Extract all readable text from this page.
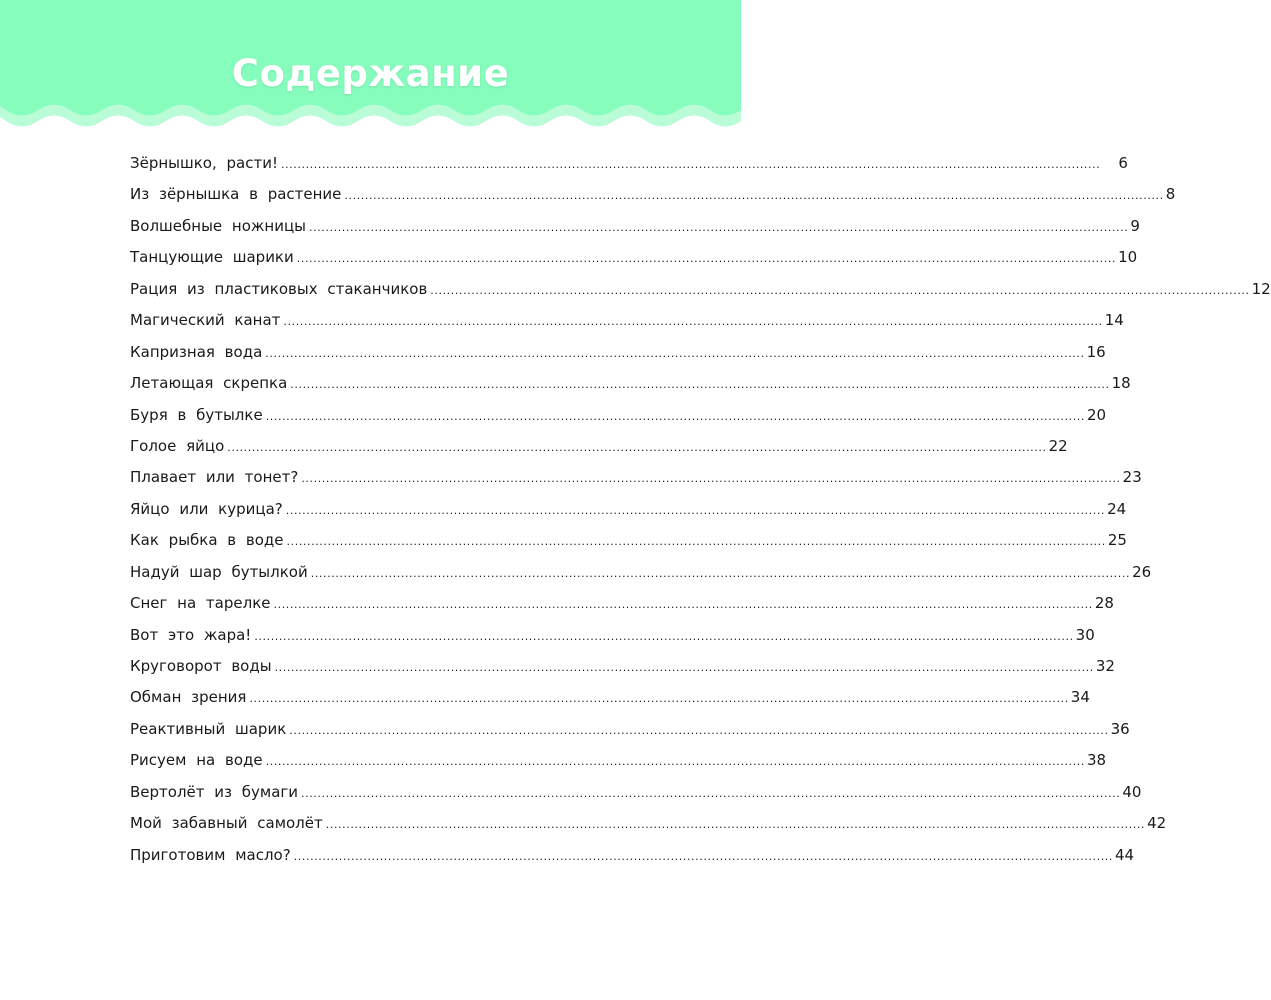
Содержание
Зёрнышко, расти! ........................................................................................................................................................................................................	6
Из зёрнышка в растение ........................................................................................................................................................................................................ 8
Волшебные ножницы ........................................................................................................................................................................................................ 9
Танцующие шарики ........................................................................................................................................................................................................ 10
Рация из пластиковых стаканчиков ........................................................................................................................................................................................................ 12
Магический канат ........................................................................................................................................................................................................ 14
Капризная вода ........................................................................................................................................................................................................ 16
Летающая скрепка ........................................................................................................................................................................................................ 18
Буря в бутылке ........................................................................................................................................................................................................ 20
Голое яйцо ........................................................................................................................................................................................................ 22
Плавает или тонет? ........................................................................................................................................................................................................ 23
Яйцо или курица? ........................................................................................................................................................................................................ 24
Как рыбка в воде ........................................................................................................................................................................................................ 25
Надуй шар бутылкой ........................................................................................................................................................................................................ 26
Снег на тарелке ........................................................................................................................................................................................................ 28
Вот это жара! ........................................................................................................................................................................................................ 30
Круговорот воды ........................................................................................................................................................................................................ 32
Обман зрения ........................................................................................................................................................................................................ 34
Реактивный шарик ........................................................................................................................................................................................................ 36
Рисуем на воде ........................................................................................................................................................................................................ 38
Вертолёт из бумаги ........................................................................................................................................................................................................ 40
Мой забавный самолёт ........................................................................................................................................................................................................ 42
Приготовим масло? ........................................................................................................................................................................................................ 44
